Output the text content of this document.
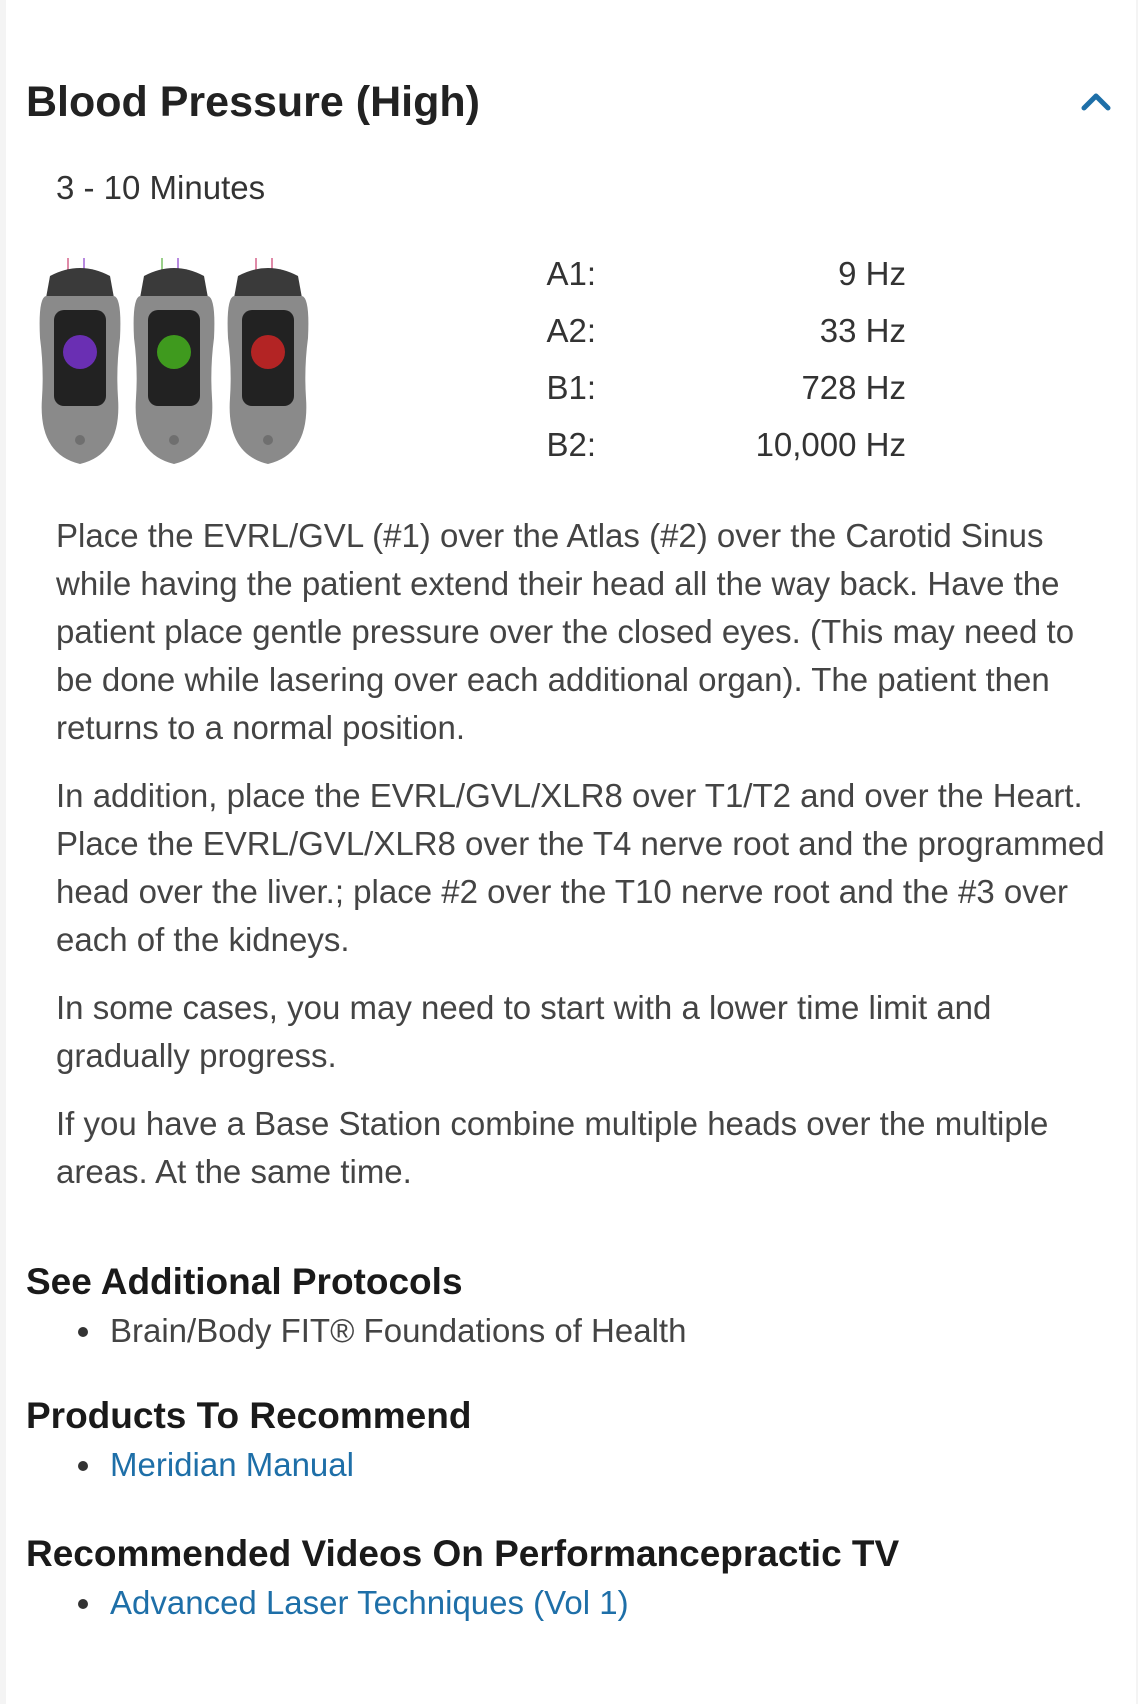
Blood Pressure (High)
3 - 10 Minutes
A1:	9 Hz
A2:	33 Hz
B1:	728 Hz
B2:	10,000 Hz

Place the EVRL/GVL (#1) over the Atlas (#2) over the Carotid Sinus while having the patient extend their head all the way back. Have the patient place gentle pressure over the closed eyes. (This may need to be done while lasering over each additional organ). The patient then returns to a normal position.

In addition, place the EVRL/GVL/XLR8 over T1/T2 and over the Heart. Place the EVRL/GVL/XLR8 over the T4 nerve root and the programmed head over the liver.; place #2 over the T10 nerve root and the #3 over each of the kidneys.

In some cases, you may need to start with a lower time limit and gradually progress.

If you have a Base Station combine multiple heads over the multiple areas. At the same time.

See Additional Protocols
Brain/Body FIT® Foundations of Health
Products To Recommend
Meridian Manual
Recommended Videos On Performancepractic TV
Advanced Laser Techniques (Vol 1)
